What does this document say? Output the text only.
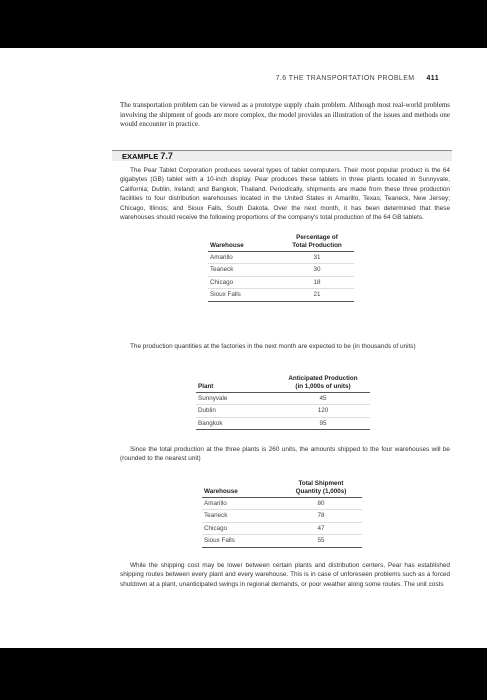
7.6 THE TRANSPORTATION PROBLEM 411
The transportation problem can be viewed as a prototype supply chain problem. Although most real-world problems involving the shipment of goods are more complex, the model provides an illustration of the issues and methods one would encounter in practice.
EXAMPLE 7.7
The Pear Tablet Corporation produces several types of tablet computers. Their most popular product is the 64 gigabytes (GB) tablet with a 10-inch display. Pear produces these tablets in three plants located in Sunnyvale, California; Dublin, Ireland; and Bangkok, Thailand. Periodically, shipments are made from these three production facilities to four distribution warehouses located in the United States in Amarillo, Texas; Teaneck, New Jersey; Chicago, Illinois; and Sioux Falls, South Dakota. Over the next month, it has been determined that these warehouses should receive the following proportions of the company's total production of the 64 GB tablets.
Warehouse	Percentage of
Total Production
Amarillo	31
Teaneck	30
Chicago	18
Sioux Falls	21
The production quantities at the factories in the next month are expected to be (in thousands of units)
Plant	Anticipated Production
(in 1,000s of units)
Sunnyvale	45
Dublin	120
Bangkok	95
Since the total production at the three plants is 260 units, the amounts shipped to the four warehouses will be (rounded to the nearest unit)
Warehouse	Total Shipment
Quantity (1,000s)
Amarillo	80
Teaneck	78
Chicago	47
Sioux Falls	55
While the shipping cost may be lower between certain plants and distribution centers, Pear has established shipping routes between every plant and every warehouse. This is in case of unforeseen problems such as a forced shutdown at a plant, unanticipated swings in regional demands, or poor weather along some routes. The unit costs
